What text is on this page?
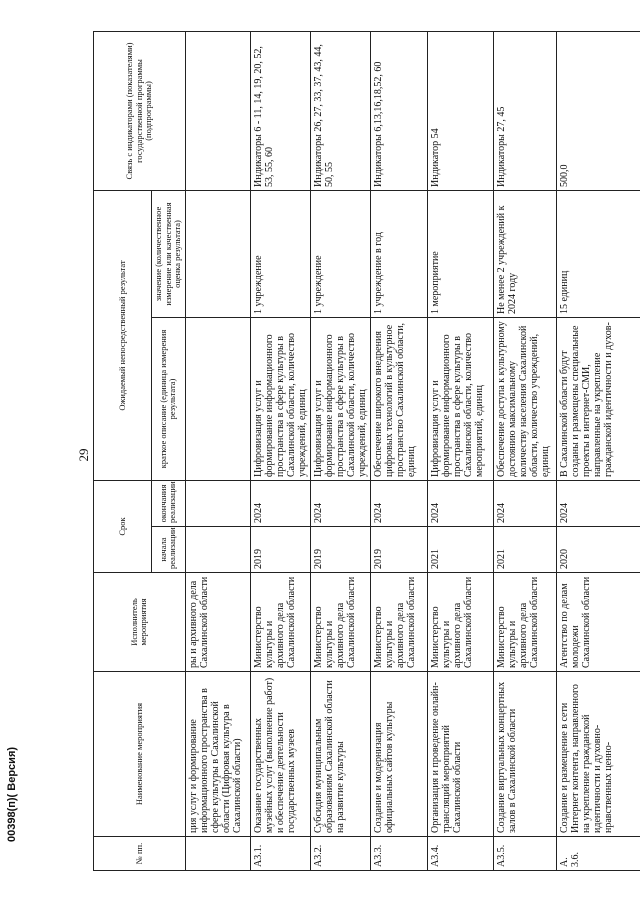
29
№ пп.	Наименование мероприятия	Исполнитель мероприятия	Срок		Ожидаемый непосредственный результат		Связь с индикаторами (показателями) государственной программы (подпрограммы)
			начала реализации	окончания реализации	краткое описание (единица измерения результата)	значение (количественное измерение или качественная оценка результата)	
	ция услуг и формирование информационного пространства в сфере культуры в Сахалинской области (Цифровая культура в Сахалинской области)	ры и архивного дела Сахалинской области					
А3.1.	Оказание государственных музейных услуг (выполнение работ) и обеспечение деятельности государственных музеев	Министерство культуры и архивного дела Сахалинской области	2019	2024	Цифровизация услуг и формирование информационного пространства в сфере культуры в Сахалинской области, количество учреждений, единиц	1 учреждение	Индикаторы 6 - 11, 14, 19, 20, 52, 53, 55, 60
А3.2.	Субсидия муниципальным образованиям Сахалинской области на развитие культуры	Министерство культуры и архивного дела Сахалинской области	2019	2024	Цифровизация услуг и формирование информационного пространства в сфере культуры в Сахалинской области, количество учреждений, единиц	1 учреждение	Индикаторы 26, 27, 33, 37, 43, 44, 50, 55
А3.3.	Создание и модернизация официальных сайтов культуры	Министерство культуры и архивного дела Сахалинской области	2019	2024	Обеспечение широкого внедрения цифровых технологий в культурное пространство Сахалинской области, единиц	1 учреждение в год	Индикаторы 6,13,16,18,52, 60
А3.4.	Организация и проведение онлайн-трансляций мероприятий Сахалинской области	Министерство культуры и архивного дела Сахалинской области	2021	2024	Цифровизация услуг и формирование информационного пространства в сфере культуры в Сахалинской области, количество мероприятий, единиц	1 мероприятие	Индикатор 54
А3.5.	Создание виртуальных концертных залов в Сахалинской области	Министерство культуры и архивного дела Сахалинской области	2021	2024	Обеспечение доступа к культурному достоянию максимальному количеству населения Сахалинской области, количество учреждений, единиц	Не менее 2 учреждений к 2024 году	Индикаторы 27, 45
А. 3.6.	Создание и размещение в сети Интернет контента, направленного на укрепление гражданской идентичности и духовно-нравственных ценно-	Агентство по делам молодежи Сахалинской области	2020	2024	В Сахалинской области будут созданы и размещены специальные проекты в интернет-СМИ, направленные на укрепление гражданской идентичности и духов-	15 единиц	500,0
00398(п)( Версия)
